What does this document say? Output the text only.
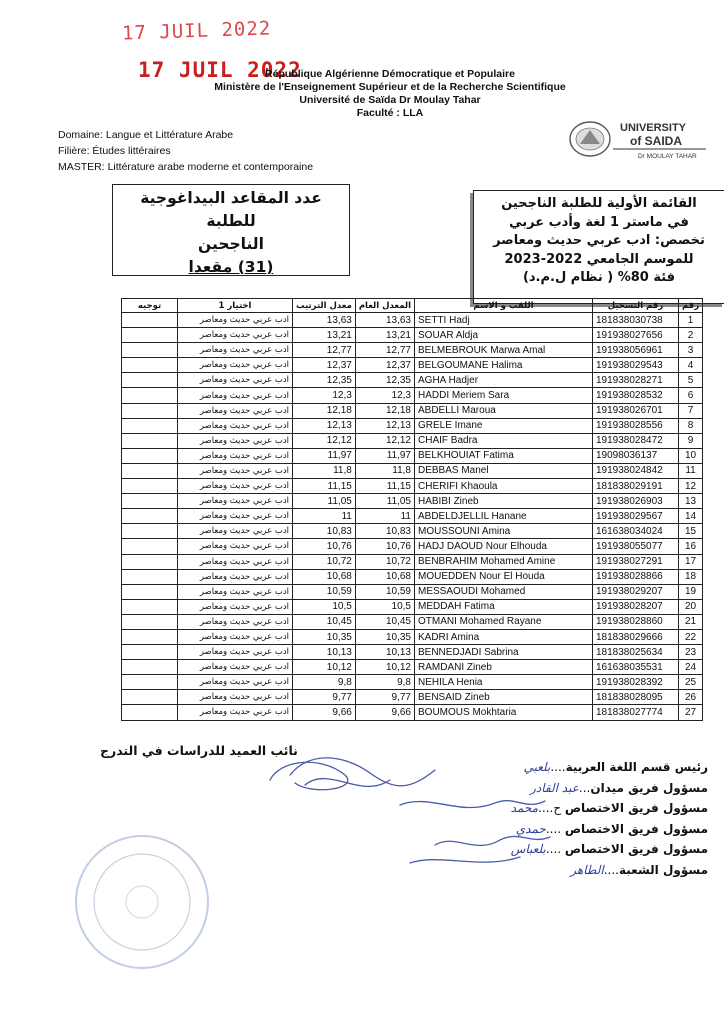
17 JUIL 2022
17 JUIL 2022
République Algérienne Démocratique et Populaire
Ministère de l'Enseignement Supérieur et de la Recherche Scientifique
Université de Saïda Dr Moulay Tahar
Faculté : LLA
UNIVERSITY
of SAIDA
Dr MOULAY TAHAR
Domaine: Langue et Littérature Arabe
Filière: Études littéraires
MASTER: Littérature arabe moderne et contemporaine
عدد المقاعد البيداغوجية للطلبة
الناجحين
(31) مقعدا
القائمة الأولية للطلبة الناجحين
في ماستر 1 لغة وأدب عربي
تخصص: ادب عربي حديث ومعاصر
للموسم الجامعي 2022-2023
فئة 80% ( نظام ل.م.د)
توجيه	اختيار 1	معدل الترتيب	المعدل العام	اللقب و الاسم	رقم التسجيل	رقم
	ادب عربي حديث ومعاصر	13,63	13,63	SETTI Hadj	181838030738	1
	ادب عربي حديث ومعاصر	13,21	13,21	SOUAR Aldja	191938027656	2
	ادب عربي حديث ومعاصر	12,77	12,77	BELMEBROUK Marwa Amal	191938056961	3
	ادب عربي حديث ومعاصر	12,37	12,37	BELGOUMANE Halima	191938029543	4
	ادب عربي حديث ومعاصر	12,35	12,35	AGHA Hadjer	191938028271	5
	ادب عربي حديث ومعاصر	12,3	12,3	HADDI Meriem Sara	191938028532	6
	ادب عربي حديث ومعاصر	12,18	12,18	ABDELLI Maroua	191938026701	7
	ادب عربي حديث ومعاصر	12,13	12,13	GRELE Imane	191938028556	8
	ادب عربي حديث ومعاصر	12,12	12,12	CHAIF Badra	191938028472	9
	ادب عربي حديث ومعاصر	11,97	11,97	BELKHOUIAT Fatima	19098036137	10
	ادب عربي حديث ومعاصر	11,8	11,8	DEBBAS Manel	191938024842	11
	ادب عربي حديث ومعاصر	11,15	11,15	CHERIFI Khaoula	181838029191	12
	ادب عربي حديث ومعاصر	11,05	11,05	HABIBI Zineb	191938026903	13
	ادب عربي حديث ومعاصر	11	11	ABDELDJELLIL Hanane	191938029567	14
	ادب عربي حديث ومعاصر	10,83	10,83	MOUSSOUNI Amina	161638034024	15
	ادب عربي حديث ومعاصر	10,76	10,76	HADJ DAOUD Nour Elhouda	191938055077	16
	ادب عربي حديث ومعاصر	10,72	10,72	BENBRAHIM Mohamed Amine	191938027291	17
	ادب عربي حديث ومعاصر	10,68	10,68	MOUEDDEN Nour El Houda	191938028866	18
	ادب عربي حديث ومعاصر	10,59	10,59	MESSAOUDI Mohamed	191938029207	19
	ادب عربي حديث ومعاصر	10,5	10,5	MEDDAH Fatima	191938028207	20
	ادب عربي حديث ومعاصر	10,45	10,45	OTMANI Mohamed Rayane	191938028860	21
	ادب عربي حديث ومعاصر	10,35	10,35	KADRI Amina	181838029666	22
	ادب عربي حديث ومعاصر	10,13	10,13	BENNEDJADI Sabrina	181838025634	23
	ادب عربي حديث ومعاصر	10,12	10,12	RAMDANI Zineb	161638035531	24
	ادب عربي حديث ومعاصر	9,8	9,8	NEHILA Henia	191938028392	25
	ادب عربي حديث ومعاصر	9,77	9,77	BENSAID Zineb	181838028095	26
	ادب عربي حديث ومعاصر	9,66	9,66	BOUMOUS Mokhtaria	181838027774	27
نائب العميد للدراسات في التدرج
رئيس قسم اللغة العربية....بلعبي
مسؤول فريق ميدان...عبد القادر
مسؤول فريق الاختصاص ح....محمد
مسؤول فريق الاختصاص ....حمدي
مسؤول فريق الاختصاص ....بلعباس
مسؤول الشعبة....الطاهر
